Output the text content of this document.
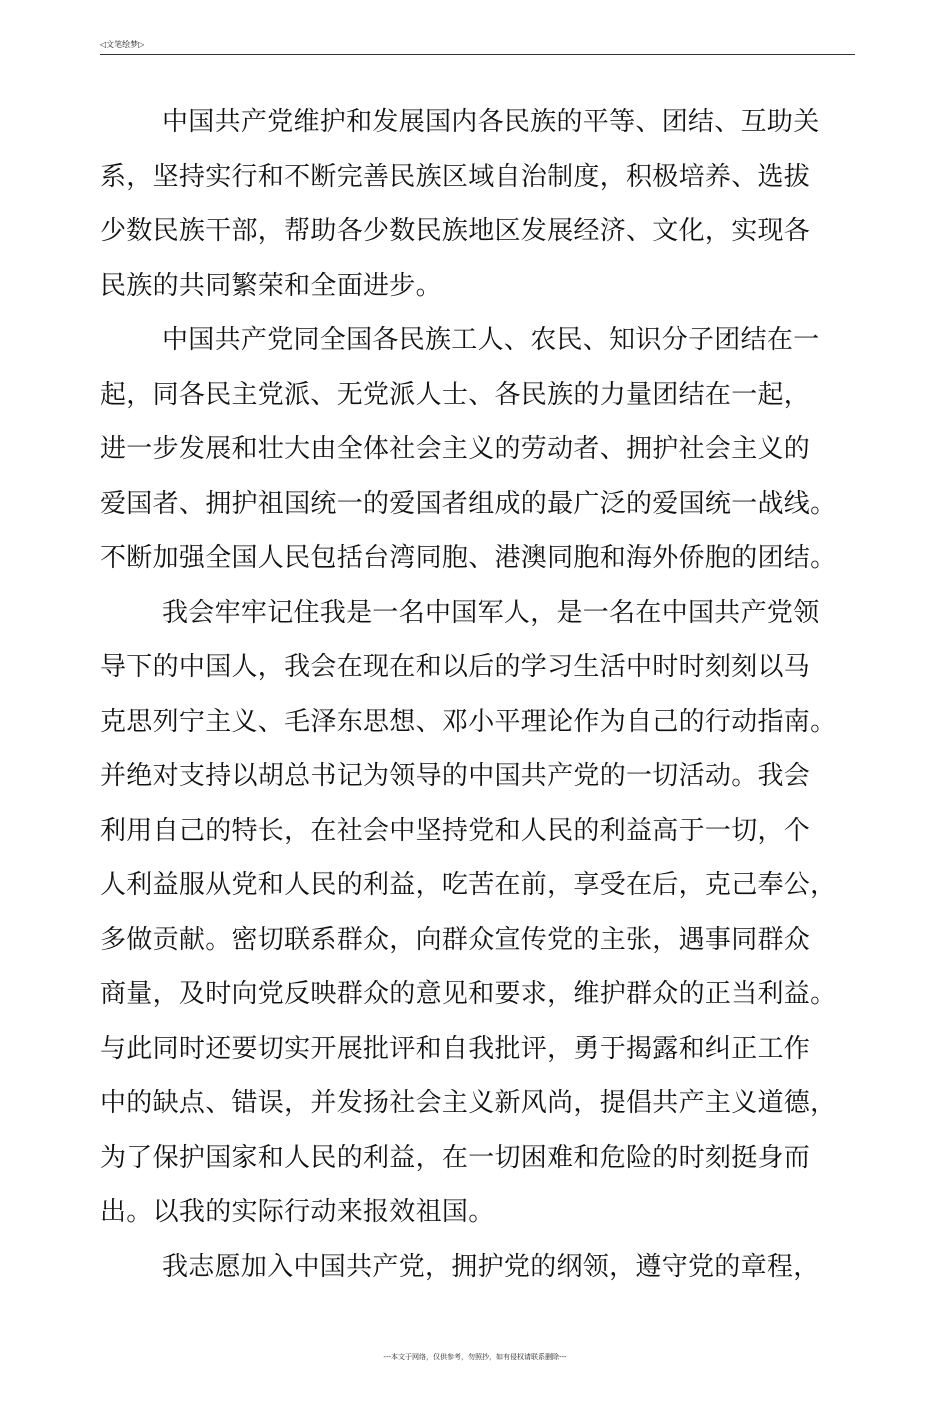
◁文笔绘梦▷
中国共产党维护和发展国内各民族的平等、团结、互助关
系，坚持实行和不断完善民族区域自治制度，积极培养、选拔
少数民族干部，帮助各少数民族地区发展经济、文化，实现各
民族的共同繁荣和全面进步。
中国共产党同全国各民族工人、农民、知识分子团结在一
起，同各民主党派、无党派人士、各民族的力量团结在一起，
进一步发展和壮大由全体社会主义的劳动者、拥护社会主义的
爱国者、拥护祖国统一的爱国者组成的最广泛的爱国统一战线。
不断加强全国人民包括台湾同胞、港澳同胞和海外侨胞的团结。
我会牢牢记住我是一名中国军人，是一名在中国共产党领
导下的中国人，我会在现在和以后的学习生活中时时刻刻以马
克思列宁主义、毛泽东思想、邓小平理论作为自己的行动指南。
并绝对支持以胡总书记为领导的中国共产党的一切活动。我会
利用自己的特长，在社会中坚持党和人民的利益高于一切，个
人利益服从党和人民的利益，吃苦在前，享受在后，克己奉公，
多做贡献。密切联系群众，向群众宣传党的主张，遇事同群众
商量，及时向党反映群众的意见和要求，维护群众的正当利益。
与此同时还要切实开展批评和自我批评，勇于揭露和纠正工作
中的缺点、错误，并发扬社会主义新风尚，提倡共产主义道德，
为了保护国家和人民的利益，在一切困难和危险的时刻挺身而
出。以我的实际行动来报效祖国。
我志愿加入中国共产党，拥护党的纲领，遵守党的章程，
---本文于网络，仅供参考，勿照抄，如有侵权请联系删除---
